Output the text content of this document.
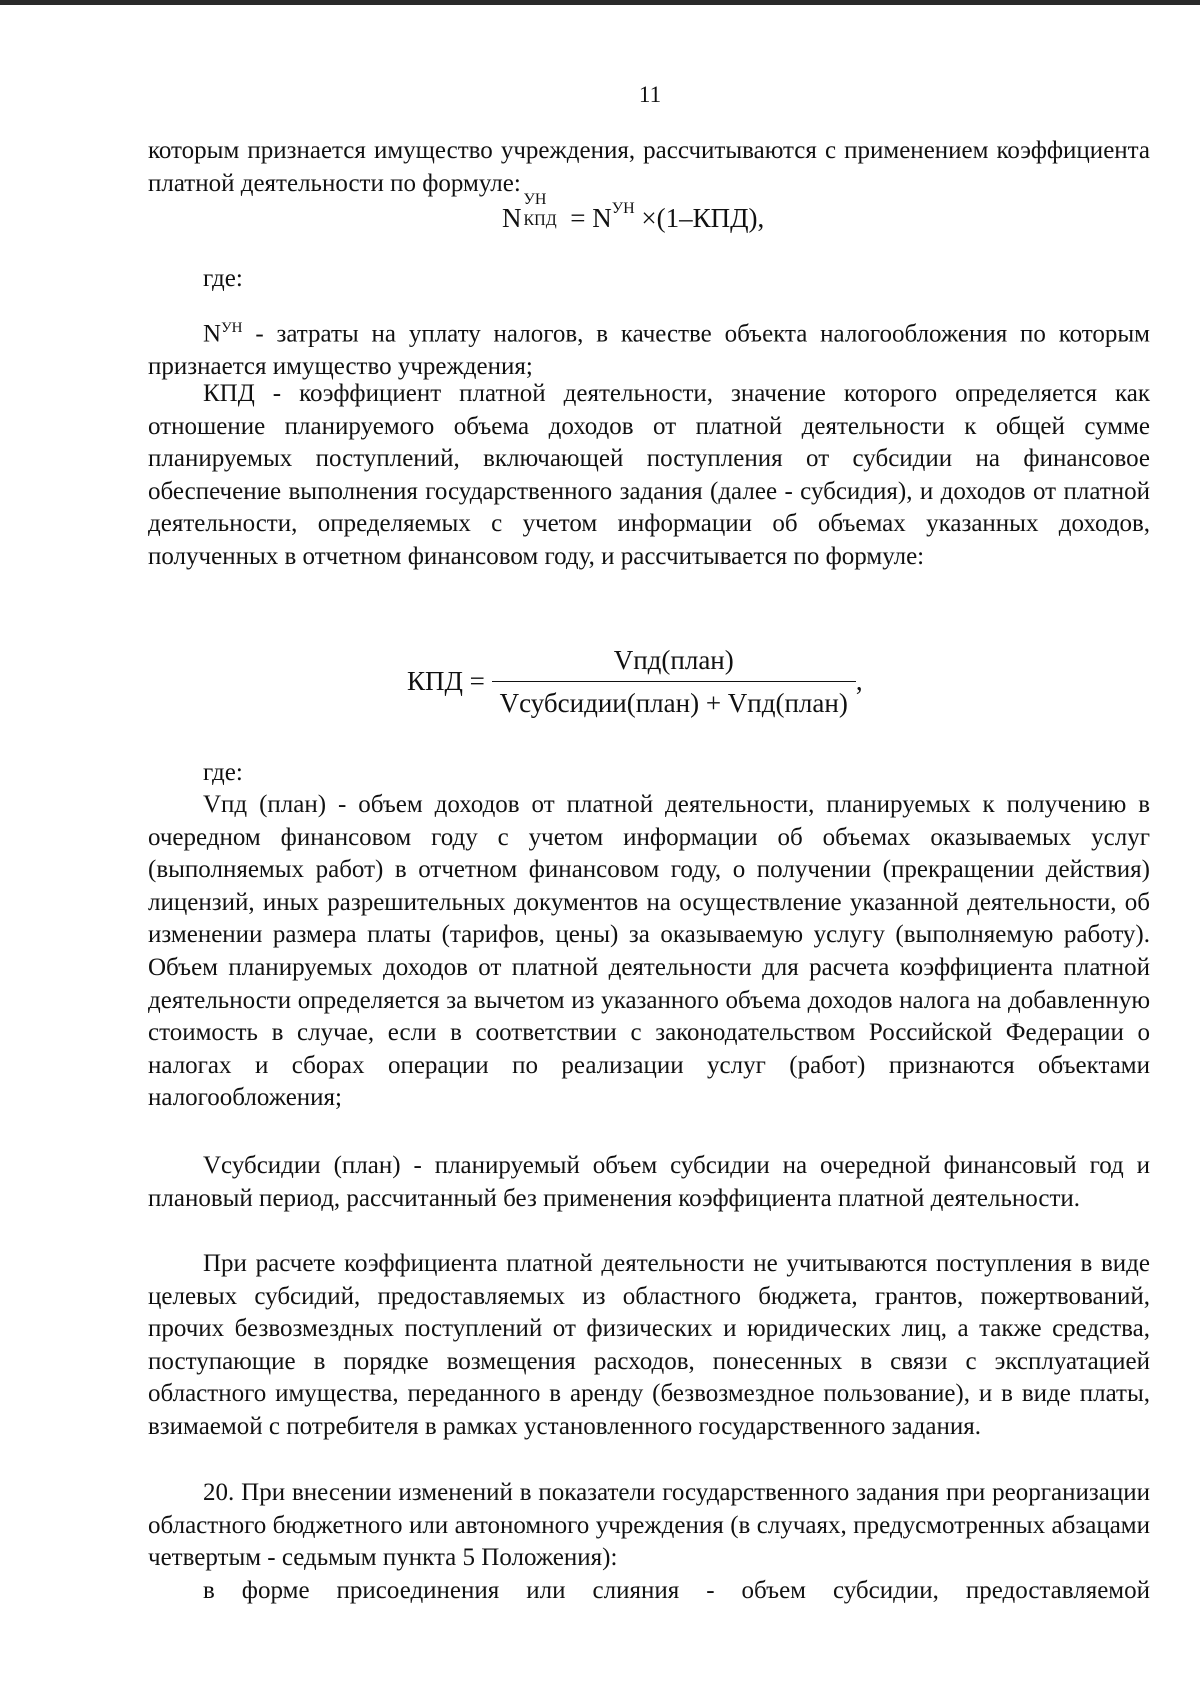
11

которым признается имущество учреждения, рассчитываются с применением коэффициента платной деятельности по формуле:

N
УН
КПД = $N^{УН} \times(1-КПД)$,

где:

$N^{УН}$ - затраты на уплату налогов, в качестве объекта налогообложения по которым признается имущество учреждения;

КПД - коэффициент платной деятельности, значение которого определяется как отношение планируемого объема доходов от платной деятельности к общей сумме планируемых поступлений, включающей поступления от субсидии на финансовое обеспечение выполнения государственного задания (далее - субсидия), и доходов от платной деятельности, определяемых с учетом информации об объемах указанных доходов, полученных в отчетном финансовом году, и рассчитывается по формуле:

КПД = $\frac{\text{Vпд(план)}}{\text{Vсубсидии(план) + Vпд(план)}}$ ,

где:

Vпд (план) - объем доходов от платной деятельности, планируемых к получению в очередном финансовом году с учетом информации об объемах оказываемых услуг (выполняемых работ) в отчетном финансовом году, о получении (прекращении действия) лицензий, иных разрешительных документов на осуществление указанной деятельности, об изменении размера платы (тарифов, цены) за оказываемую услугу (выполняемую работу). Объем планируемых доходов от платной деятельности для расчета коэффициента платной деятельности определяется за вычетом из указанного объема доходов налога на добавленную стоимость в случае, если в соответствии с законодательством Российской Федерации о налогах и сборах операции по реализации услуг (работ) признаются объектами налогообложения;

Vсубсидии (план) - планируемый объем субсидии на очередной финансовый год и плановый период, рассчитанный без применения коэффициента платной деятельности.

При расчете коэффициента платной деятельности не учитываются поступления в виде целевых субсидий, предоставляемых из областного бюджета, грантов, пожертвований, прочих безвозмездных поступлений от физических и юридических лиц, а также средства, поступающие в порядке возмещения расходов, понесенных в связи с эксплуатацией областного имущества, переданного в аренду (безвозмездное пользование), и в виде платы, взимаемой с потребителя в рамках установленного государственного задания.

20. При внесении изменений в показатели государственного задания при реорганизации областного бюджетного или автономного учреждения (в случаях, предусмотренных абзацами четвертым - седьмым пункта 5 Положения):

в форме присоединения или слияния - объем субсидии, предоставляемой
